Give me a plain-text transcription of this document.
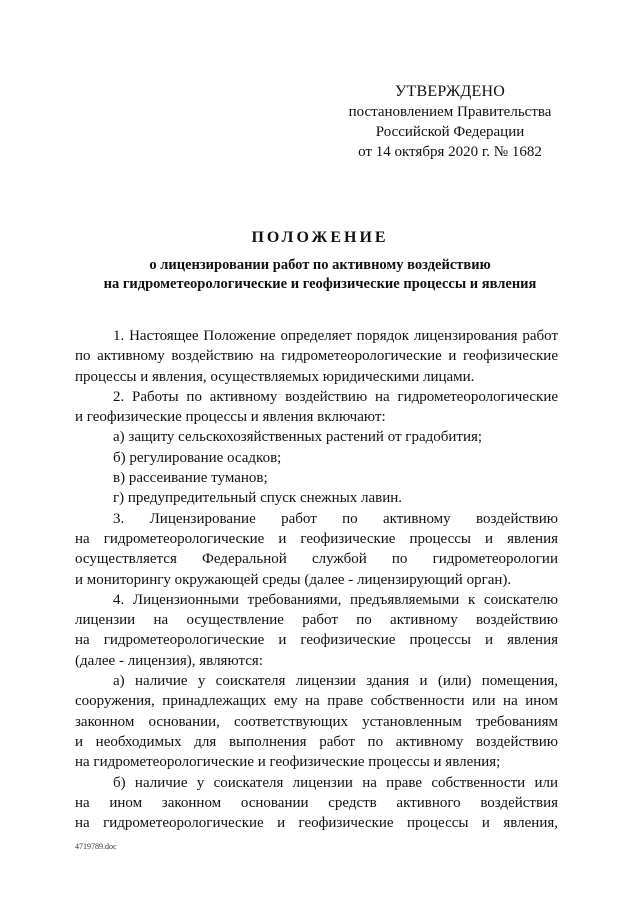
УТВЕРЖДЕНО
постановлением Правительства
Российской Федерации
от 14 октября 2020 г. № 1682
ПОЛОЖЕНИЕ
о лицензировании работ по активному воздействию
на гидрометеорологические и геофизические процессы и явления
1. Настоящее Положение определяет порядок лицензирования работ
по активному воздействию на гидрометеорологические и геофизические
процессы и явления, осуществляемых юридическими лицами.
2. Работы по активному воздействию на гидрометеорологические
и геофизические процессы и явления включают:
а) защиту сельскохозяйственных растений от градобития;
б) регулирование осадков;
в) рассеивание туманов;
г) предупредительный спуск снежных лавин.
3. Лицензирование работ по активному воздействию
на гидрометеорологические и геофизические процессы и явления
осуществляется Федеральной службой по гидрометеорологии
и мониторингу окружающей среды (далее - лицензирующий орган).
4. Лицензионными требованиями, предъявляемыми к соискателю
лицензии на осуществление работ по активному воздействию
на гидрометеорологические и геофизические процессы и явления
(далее - лицензия), являются:
а) наличие у соискателя лицензии здания и (или) помещения,
сооружения, принадлежащих ему на праве собственности или на ином
законном основании, соответствующих установленным требованиям
и необходимых для выполнения работ по активному воздействию
на гидрометеорологические и геофизические процессы и явления;
б) наличие у соискателя лицензии на праве собственности или
на ином законном основании средств активного воздействия
на гидрометеорологические и геофизические процессы и явления,
4719789.doc
